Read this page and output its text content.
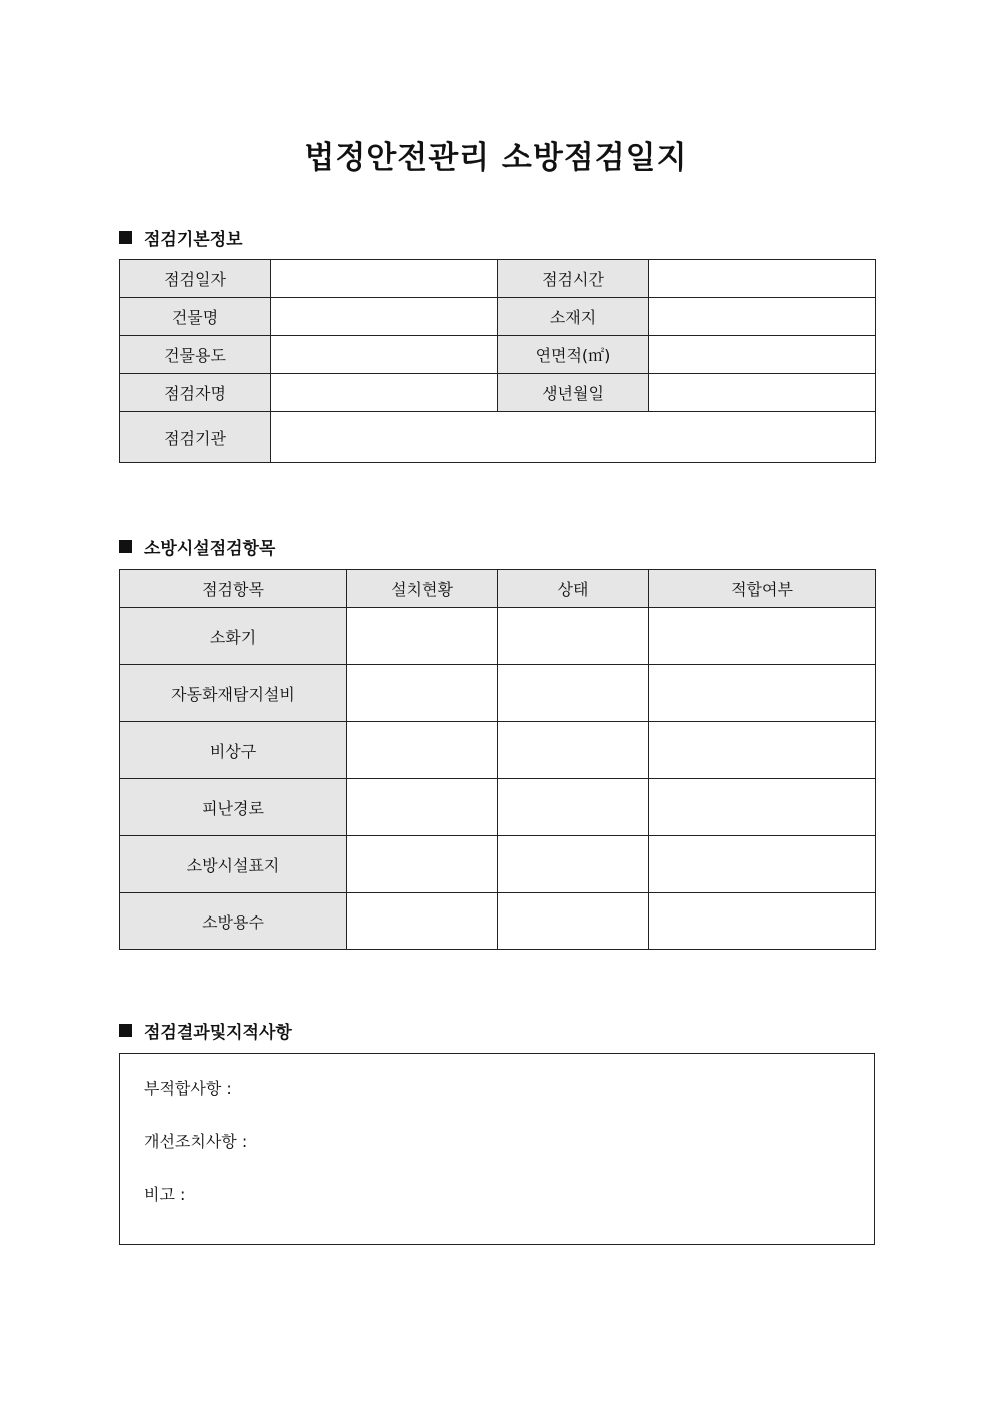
법정안전관리 소방점검일지
점검기본정보
점검일자		점검시간	
건물명		소재지	
건물용도		연면적(㎡)	
점검자명		생년월일	
점검기관			
소방시설점검항목
점검항목	설치현황	상태	적합여부
소화기			
자동화재탐지설비			
비상구			
피난경로			
소방시설표지			
소방용수			
점검결과및지적사항
부적합사항 :
개선조치사항 :
비고 :
